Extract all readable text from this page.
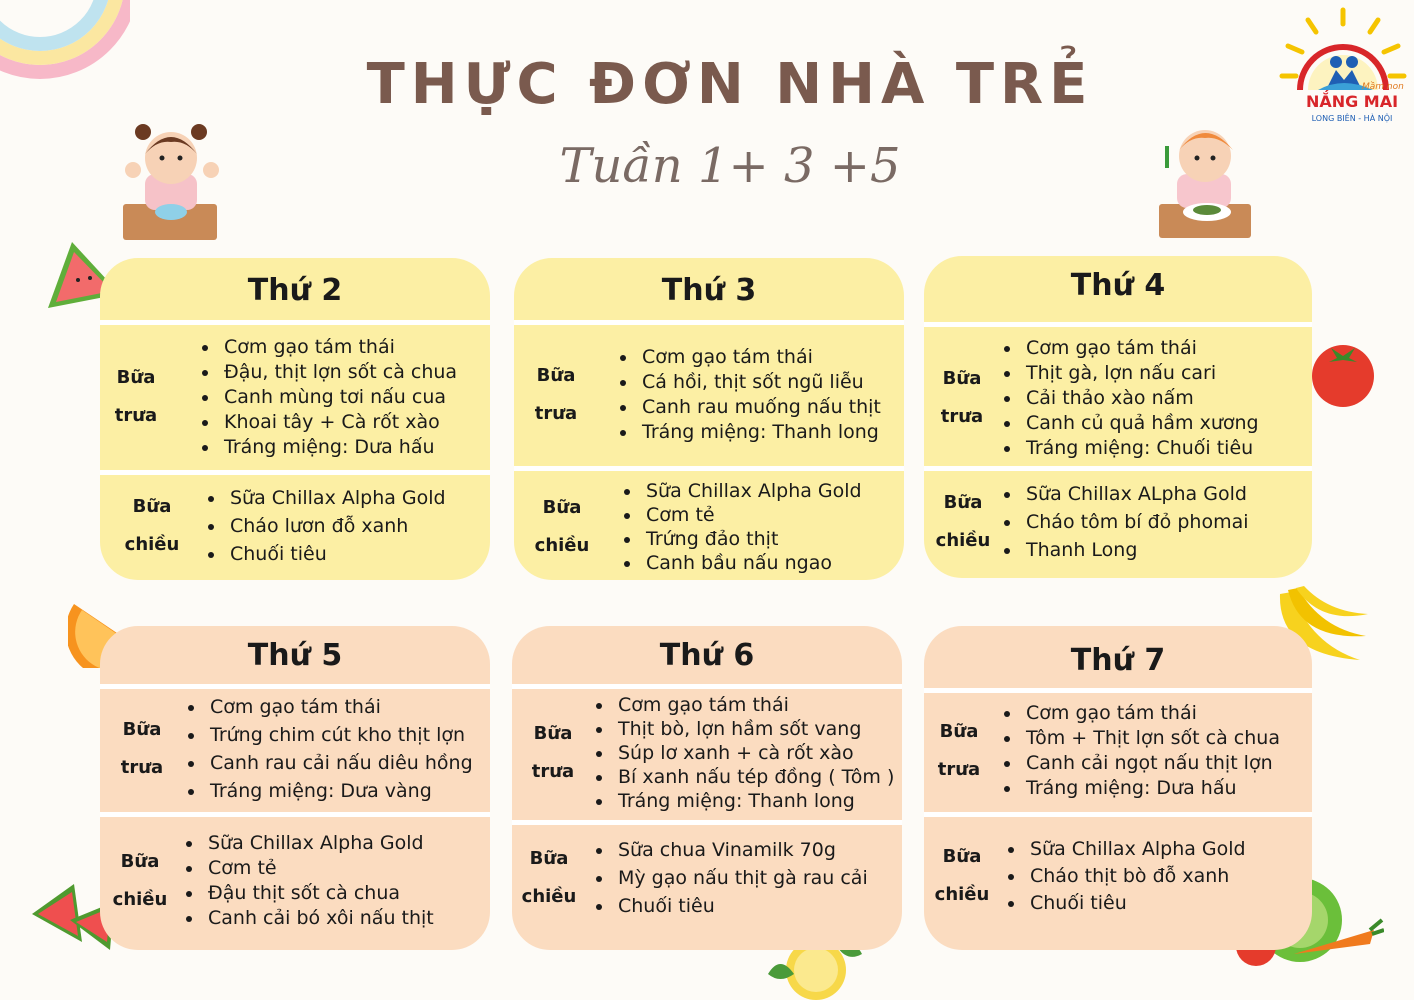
THỰC ĐƠN NHÀ TRẺ
Tuần 1+ 3 +5
Mầm non
NẮNG MAI
LONG BIÊN - HÀ NỘI
Thứ 2
Bữa
trưa
• Cơm gạo tám thái
• Đậu, thịt lợn sốt cà chua
• Canh mùng tơi nấu cua
• Khoai tây + Cà rốt xào
• Tráng miệng: Dưa hấu
Bữa
chiều
• Sữa Chillax Alpha Gold
• Cháo lươn đỗ xanh
• Chuối tiêu
Thứ 3
Bữa
trưa
• Cơm gạo tám thái
• Cá hồi, thịt sốt ngũ liễu
• Canh rau muống nấu thịt
• Tráng miệng: Thanh long
Bữa
chiều
• Sữa Chillax Alpha Gold
• Cơm tẻ
• Trứng đảo thịt
• Canh bầu nấu ngao
Thứ 4
Bữa
trưa
• Cơm gạo tám thái
• Thịt gà, lợn nấu cari
• Cải thảo xào nấm
• Canh củ quả hầm xương
• Tráng miệng: Chuối tiêu
Bữa
chiều
• Sữa Chillax ALpha Gold
• Cháo tôm bí đỏ phomai
• Thanh Long
Thứ 5
Bữa
trưa
• Cơm gạo tám thái
• Trứng chim cút kho thịt lợn
• Canh rau cải nấu diêu hồng
• Tráng miệng: Dưa vàng
Bữa
chiều
• Sữa Chillax Alpha Gold
• Cơm tẻ
• Đậu thịt sốt cà chua
• Canh cải bó xôi nấu thịt
Thứ 6
Bữa
trưa
• Cơm gạo tám thái
• Thịt bò, lợn hầm sốt vang
• Súp lơ xanh + cà rốt xào
• Bí xanh nấu tép đồng ( Tôm )
• Tráng miệng: Thanh long
Bữa
chiều
• Sữa chua Vinamilk 70g
• Mỳ gạo nấu thịt gà rau cải
• Chuối tiêu
Thứ 7
Bữa
trưa
• Cơm gạo tám thái
• Tôm + Thịt lợn sốt cà chua
• Canh cải ngọt nấu thịt lợn
• Tráng miệng: Dưa hấu
Bữa
chiều
• Sữa Chillax Alpha Gold
• Cháo thịt bò đỗ xanh
• Chuối tiêu
